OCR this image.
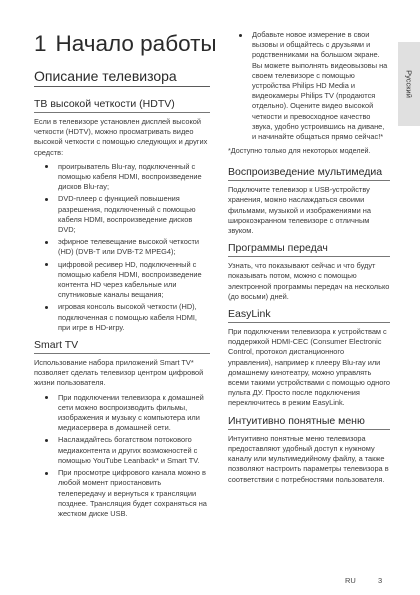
Русский
1 Начало работы
Описание телевизора
ТВ высокой четкости (HDTV)

Если в телевизоре установлен дисплей высокой четкости (HDTV), можно просматривать видео высокой четкости с помощью следующих и других средств:

проигрыватель Blu-ray, подключенный с помощью кабеля HDMI, воспроизведение дисков Blu-ray;
DVD-плеер с функцией повышения разрешения, подключенный с помощью кабеля HDMI, воспроизведение дисков DVD;
эфирное телевещание высокой четкости (HD) (DVB-T или DVB-T2 MPEG4);
цифровой ресивер HD, подключенный с помощью кабеля HDMI, воспроизведение контента HD через кабельные или спутниковые каналы вещания;
игровая консоль высокой четкости (HD), подключенная с помощью кабеля HDMI, при игре в HD-игру.
Smart TV

Использование набора приложений Smart TV* позволяет сделать телевизор центром цифровой жизни пользователя.

При подключении телевизора к домашней сети можно воспроизводить фильмы, изображения и музыку с компьютера или медиасервера в домашней сети.
Наслаждайтесь богатством потокового медиаконтента и других возможностей с помощью YouTube Leanback* и Smart TV.
При просмотре цифрового канала можно в любой момент приостановить телепередачу и вернуться к трансляции позднее. Трансляция будет сохраняться на жестком диске USB.
Добавьте новое измерение в свои вызовы и общайтесь с друзьями и родственниками на большом экране. Вы можете выполнять видеовызовы на своем телевизоре с помощью устройства Philips HD Media и видеокамеры Philips TV (продаются отдельно). Оцените видео высокой четкости и превосходное качество звука, удобно устроившись на диване, и начинайте общаться прямо сейчас!*

*Доступно только для некоторых моделей.

Воспроизведение мультимедиа

Подключите телевизор к USB-устройству хранения, можно наслаждаться своими фильмами, музыкой и изображениями на широкоэкранном телевизоре с отличным звуком.

Программы передач

Узнать, что показывают сейчас и что будут показывать потом, можно с помощью электронной программы передач на несколько (до восьми) дней.

EasyLink

При подключении телевизора к устройствам с поддержкой HDMI-CEC (Consumer Electronic Control, протокол дистанционного управления), например к плееру Blu-ray или домашнему кинотеатру, можно управлять всеми такими устройствами с помощью одного пульта ДУ. Просто после подключения переключитесь в режим EasyLink.

Интуитивно понятные меню

Интуитивно понятные меню телевизора предоставляют удобный доступ к нужному каналу или мультимедийному файлу, а также позволяют настроить параметры телевизора в соответствии с потребностями пользователя.

RU	3
